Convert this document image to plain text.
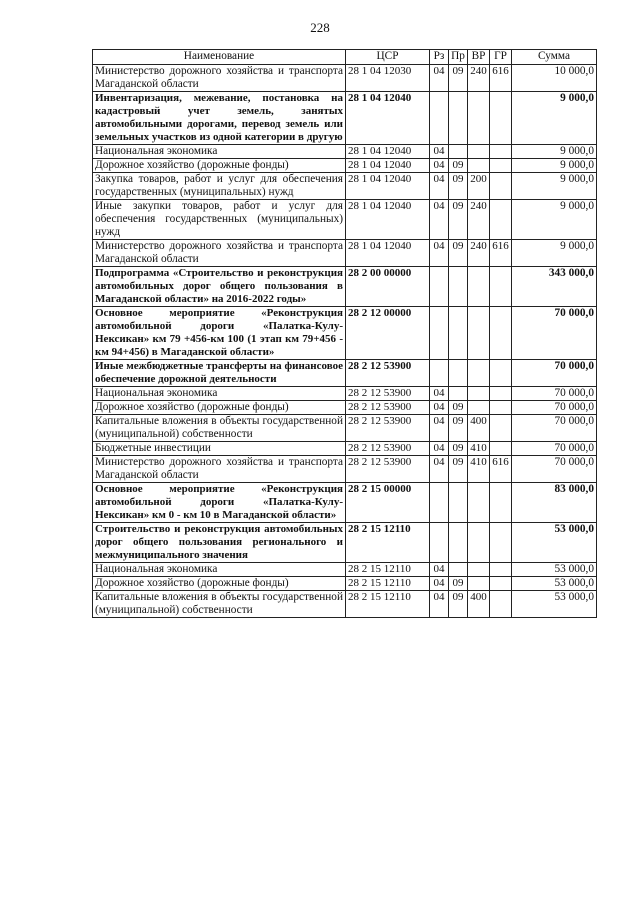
228
Наименование	ЦСР	Рз	Пр	ВР	ГР	Сумма
Министерство дорожного хозяйства и транспорта Магаданской области	28 1 04 12030	04	09	240	616	10 000,0
Инвентаризация, межевание, постановка на кадастровый учет земель, занятых автомобильными дорогами, перевод земель или земельных участков из одной категории в другую	28 1 04 12040					9 000,0
Национальная экономика	28 1 04 12040	04				9 000,0
Дорожное хозяйство (дорожные фонды)	28 1 04 12040	04	09			9 000,0
Закупка товаров, работ и услуг для обеспечения государственных (муниципальных) нужд	28 1 04 12040	04	09	200		9 000,0
Иные закупки товаров, работ и услуг для обеспечения государственных (муниципальных) нужд	28 1 04 12040	04	09	240		9 000,0
Министерство дорожного хозяйства и транспорта Магаданской области	28 1 04 12040	04	09	240	616	9 000,0
Подпрограмма «Строительство и реконструкция автомобильных дорог общего пользования в Магаданской области» на 2016-2022 годы»	28 2 00 00000					343 000,0
Основное мероприятие «Реконструкция автомобильной дороги «Палатка-Кулу-Нексикан» км 79 +456-км 100 (1 этап км 79+456 - км 94+456) в Магаданской области»	28 2 12 00000					70 000,0
Иные межбюджетные трансферты на финансовое обеспечение дорожной деятельности	28 2 12 53900					70 000,0
Национальная экономика	28 2 12 53900	04				70 000,0
Дорожное хозяйство (дорожные фонды)	28 2 12 53900	04	09			70 000,0
Капитальные вложения в объекты государственной (муниципальной) собственности	28 2 12 53900	04	09	400		70 000,0
Бюджетные инвестиции	28 2 12 53900	04	09	410		70 000,0
Министерство дорожного хозяйства и транспорта Магаданской области	28 2 12 53900	04	09	410	616	70 000,0
Основное мероприятие «Реконструкция автомобильной дороги «Палатка-Кулу-Нексикан» км 0 - км 10 в Магаданской области»	28 2 15 00000					83 000,0
Строительство и реконструкция автомобильных дорог общего пользования регионального и межмуниципального значения	28 2 15 12110					53 000,0
Национальная экономика	28 2 15 12110	04				53 000,0
Дорожное хозяйство (дорожные фонды)	28 2 15 12110	04	09			53 000,0
Капитальные вложения в объекты государственной (муниципальной) собственности	28 2 15 12110	04	09	400		53 000,0
